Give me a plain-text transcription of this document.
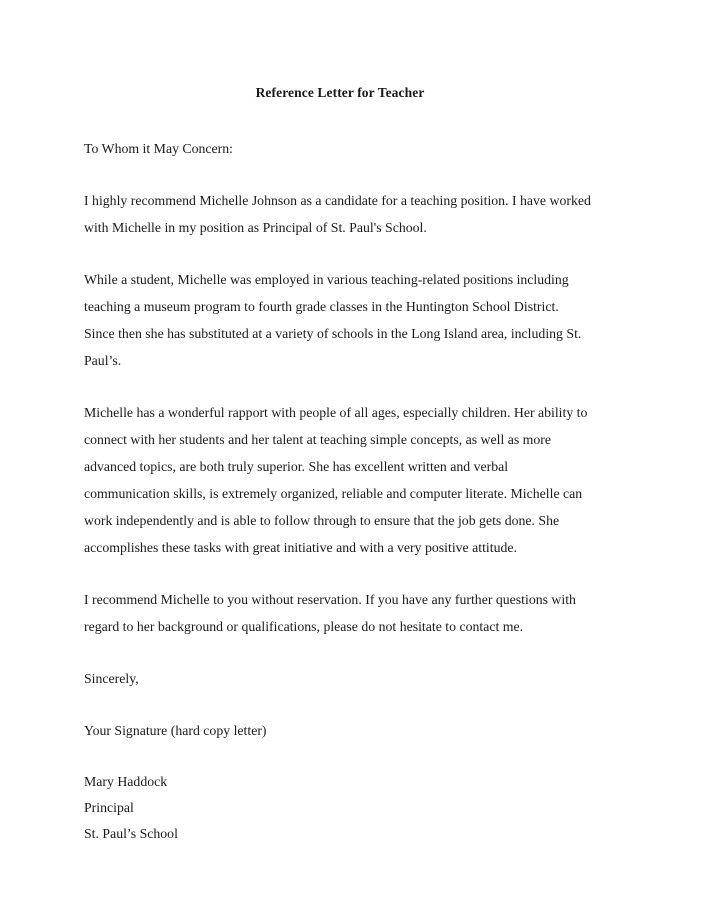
Reference Letter for Teacher

To Whom it May Concern:

I highly recommend Michelle Johnson as a candidate for a teaching position. I have worked with Michelle in my position as Principal of St. Paul's School.

While a student, Michelle was employed in various teaching-related positions including teaching a museum program to fourth grade classes in the Huntington School District.

Since then she has substituted at a variety of schools in the Long Island area, including St. Paul’s.

Michelle has a wonderful rapport with people of all ages, especially children. Her ability to connect with her students and her talent at teaching simple concepts, as well as more advanced topics, are both truly superior. She has excellent written and verbal communication skills, is extremely organized, reliable and computer literate. Michelle can work independently and is able to follow through to ensure that the job gets done. She accomplishes these tasks with great initiative and with a very positive attitude.

I recommend Michelle to you without reservation. If you have any further questions with regard to her background or qualifications, please do not hesitate to contact me.

Sincerely,

Your Signature (hard copy letter)

Mary Haddock

Principal

St. Paul’s School
